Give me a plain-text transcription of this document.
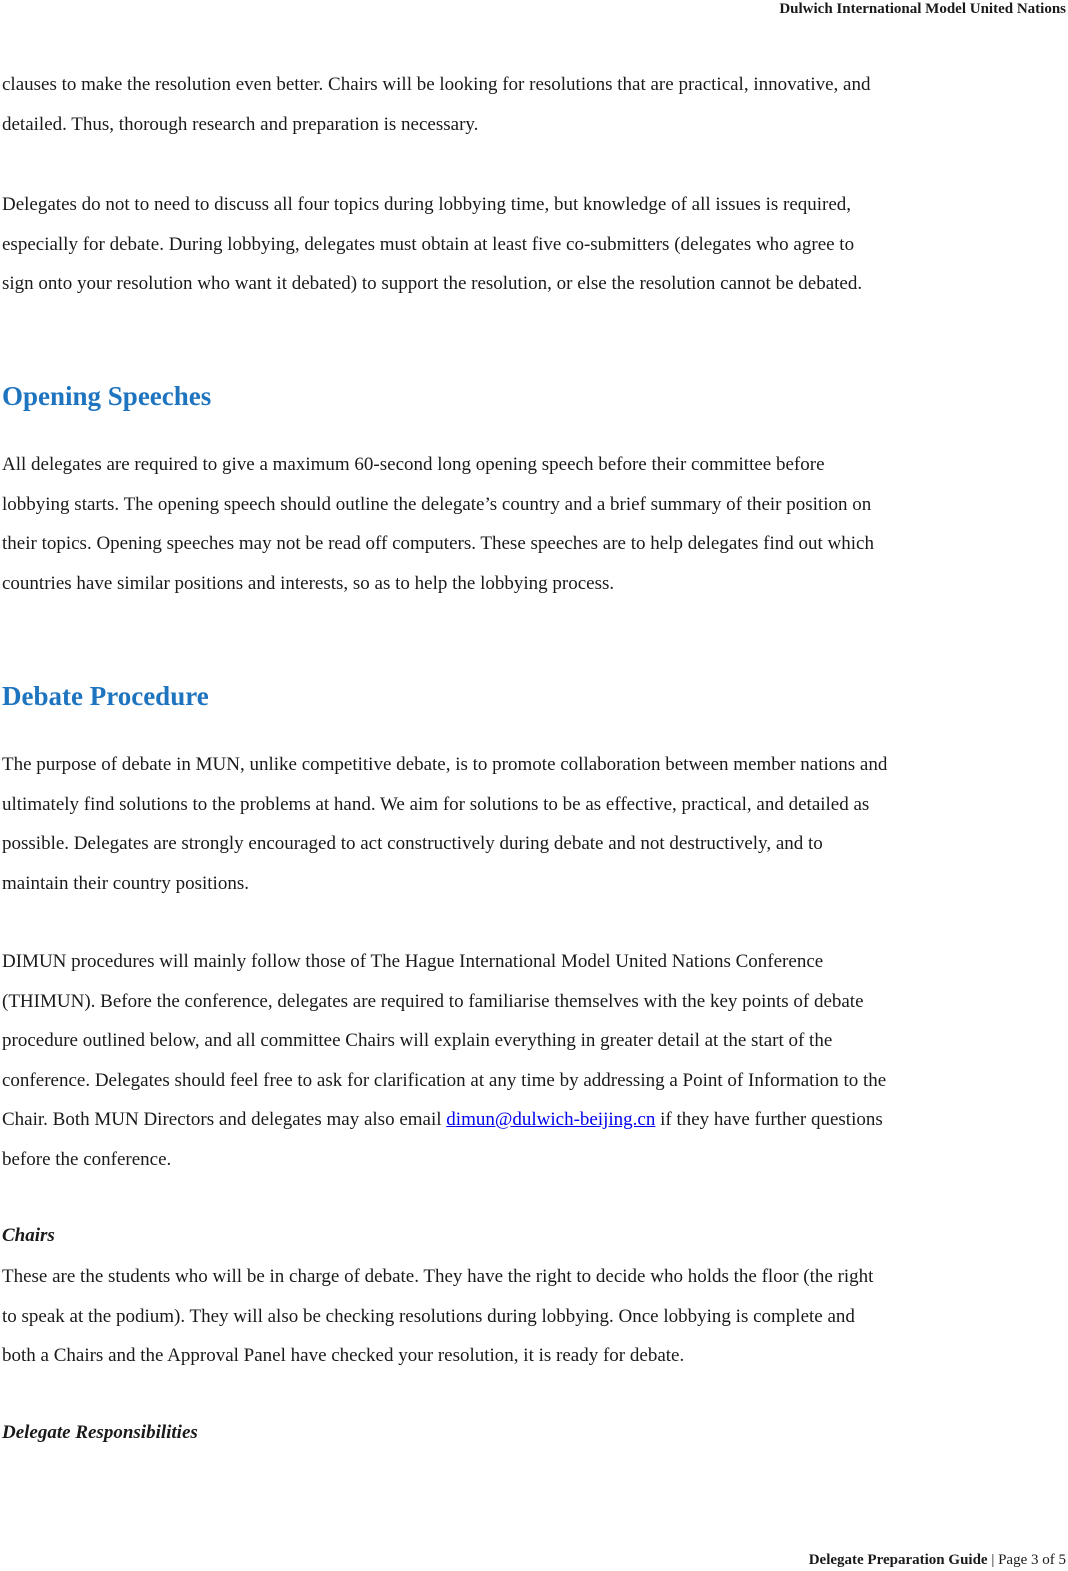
Dulwich International Model United Nations

clauses to make the resolution even better. Chairs will be looking for resolutions that are practical, innovative, and
detailed. Thus, thorough research and preparation is necessary.

Delegates do not to need to discuss all four topics during lobbying time, but knowledge of all issues is required,
especially for debate. During lobbying, delegates must obtain at least five co-submitters (delegates who agree to
sign onto your resolution who want it debated) to support the resolution, or else the resolution cannot be debated.

Opening Speeches

All delegates are required to give a maximum 60-second long opening speech before their committee before
lobbying starts. The opening speech should outline the delegate’s country and a brief summary of their position on
their topics. Opening speeches may not be read off computers. These speeches are to help delegates find out which
countries have similar positions and interests, so as to help the lobbying process.

Debate Procedure

The purpose of debate in MUN, unlike competitive debate, is to promote collaboration between member nations and
ultimately find solutions to the problems at hand. We aim for solutions to be as effective, practical, and detailed as
possible. Delegates are strongly encouraged to act constructively during debate and not destructively, and to
maintain their country positions.

DIMUN procedures will mainly follow those of The Hague International Model United Nations Conference
(THIMUN). Before the conference, delegates are required to familiarise themselves with the key points of debate
procedure outlined below, and all committee Chairs will explain everything in greater detail at the start of the
conference. Delegates should feel free to ask for clarification at any time by addressing a Point of Information to the
Chair. Both MUN Directors and delegates may also email dimun@dulwich-beijing.cn if they have further questions
before the conference.

Chairs

These are the students who will be in charge of debate. They have the right to decide who holds the floor (the right
to speak at the podium). They will also be checking resolutions during lobbying. Once lobbying is complete and
both a Chairs and the Approval Panel have checked your resolution, it is ready for debate.

Delegate Responsibilities
Delegate Preparation Guide | Page 3 of 5
